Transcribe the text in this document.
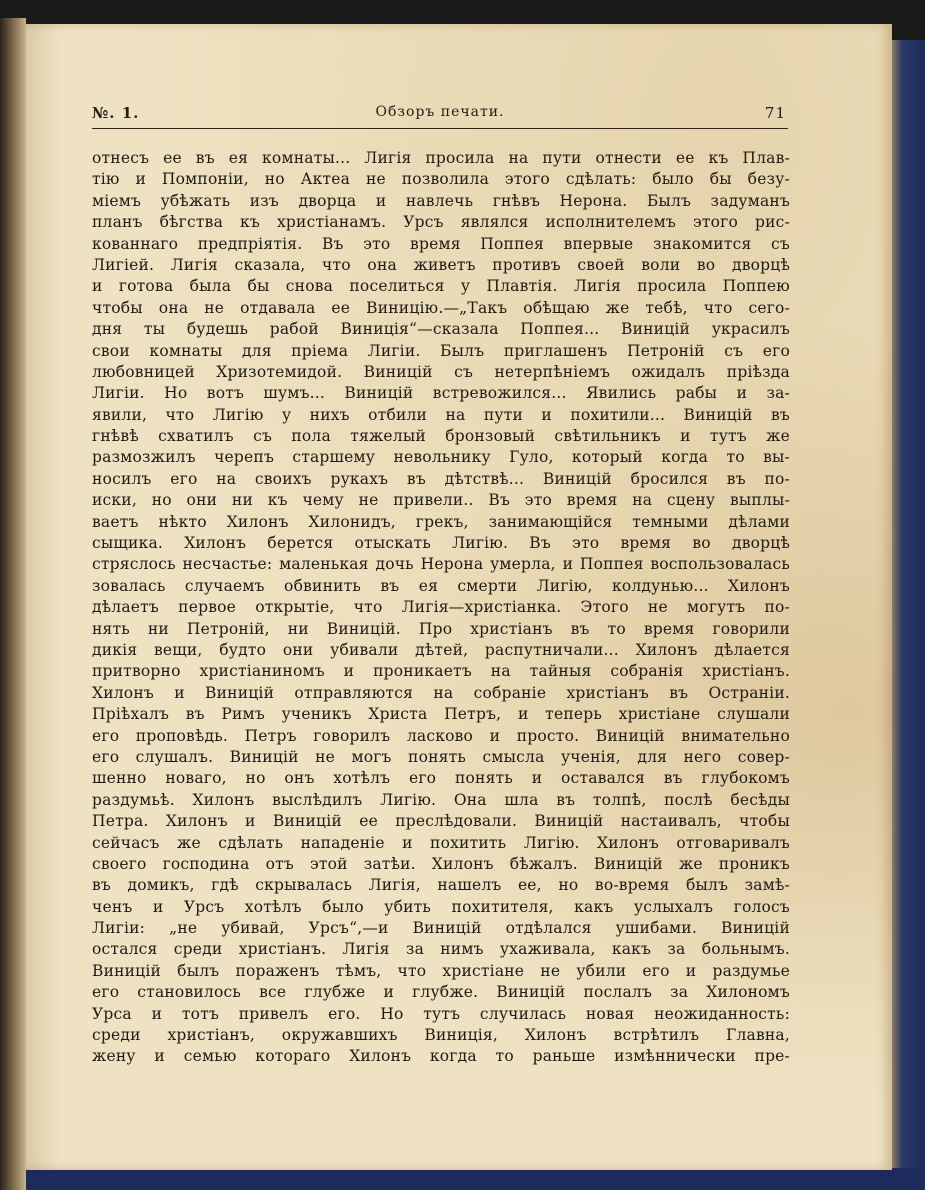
№. 1.	Обзоръ печати.	71
отнесъ ее въ ея комнаты... Лигія просила на пути отнести ее къ Плав-
тію и Помпоніи, но Актеа не позволила этого сдѣлать: было бы безу-
міемъ убѣжать изъ дворца и навлечь гнѣвъ Нерона. Былъ задуманъ
планъ бѣгства къ христіанамъ. Урсъ являлся исполнителемъ этого рис-
кованнаго предпріятія. Въ это время Поппея впервые знакомится съ
Лигіей. Лигія сказала, что она живетъ противъ своей воли во дворцѣ
и готова была бы снова поселиться у Плавтія. Лигія просила Поппею
чтобы она не отдавала ее Виницію.—„Такъ обѣщаю же тебѣ, что сего-
дня ты будешь рабой Виниція“—сказала Поппея... Виницій украсилъ
свои комнаты для пріема Лигіи. Былъ приглашенъ Петроній съ его
любовницей Хризотемидой. Виницій съ нетерпѣніемъ ожидалъ пріѣзда
Лигіи. Но вотъ шумъ... Виницій встревожился... Явились рабы и за-
явили, что Лигію у нихъ отбили на пути и похитили... Виницій въ
гнѣвѣ схватилъ съ пола тяжелый бронзовый свѣтильникъ и тутъ же
размозжилъ черепъ старшему невольнику Гуло, который когда то вы-
носилъ его на своихъ рукахъ въ дѣтствѣ... Виницій бросился въ по-
иски, но они ни къ чему не привели.. Въ это время на сцену выплы-
ваетъ нѣкто Хилонъ Хилонидъ, грекъ, занимающійся темными дѣлами
сыщика. Хилонъ берется отыскать Лигію. Въ это время во дворцѣ
стряслось несчастье: маленькая дочь Нерона умерла, и Поппея воспользовалась
зовалась случаемъ обвинить въ ея смерти Лигію, колдунью... Хилонъ
дѣлаетъ первое открытіе, что Лигія—христіанка. Этого не могутъ по-
нять ни Петроній, ни Виницій. Про христіанъ въ то время говорили
дикія вещи, будто они убивали дѣтей, распутничали... Хилонъ дѣлается
притворно христіаниномъ и проникаетъ на тайныя собранія христіанъ.
Хилонъ и Виницій отправляются на собраніе христіанъ въ Остраніи.
Пріѣхалъ въ Римъ ученикъ Христа Петръ, и теперь христіане слушали
его проповѣдь. Петръ говорилъ ласково и просто. Виницій внимательно
его слушалъ. Виницій не могъ понять смысла ученія, для него совер-
шенно новаго, но онъ хотѣлъ его понять и оставался въ глубокомъ
раздумьѣ. Хилонъ выслѣдилъ Лигію. Она шла въ толпѣ, послѣ бесѣды
Петра. Хилонъ и Виницій ее преслѣдовали. Виницій настаивалъ, чтобы
сейчасъ же сдѣлать нападеніе и похитить Лигію. Хилонъ отговаривалъ
своего господина отъ этой затѣи. Хилонъ бѣжалъ. Виницій же проникъ
въ домикъ, гдѣ скрывалась Лигія, нашелъ ее, но во-время былъ замѣ-
ченъ и Урсъ хотѣлъ было убить похитителя, какъ услыхалъ голосъ
Лигіи: „не убивай, Урсъ“,—и Виницій отдѣлался ушибами. Виницій
остался среди христіанъ. Лигія за нимъ ухаживала, какъ за больнымъ.
Виницій былъ пораженъ тѣмъ, что христіане не убили его и раздумье
его становилось все глубже и глубже. Виницій послалъ за Хилономъ
Урса и тотъ привелъ его. Но тутъ случилась новая неожиданность:
среди христіанъ, окружавшихъ Виниція, Хилонъ встрѣтилъ Главна,
жену и семью котораго Хилонъ когда то раньше измѣннически пре-
